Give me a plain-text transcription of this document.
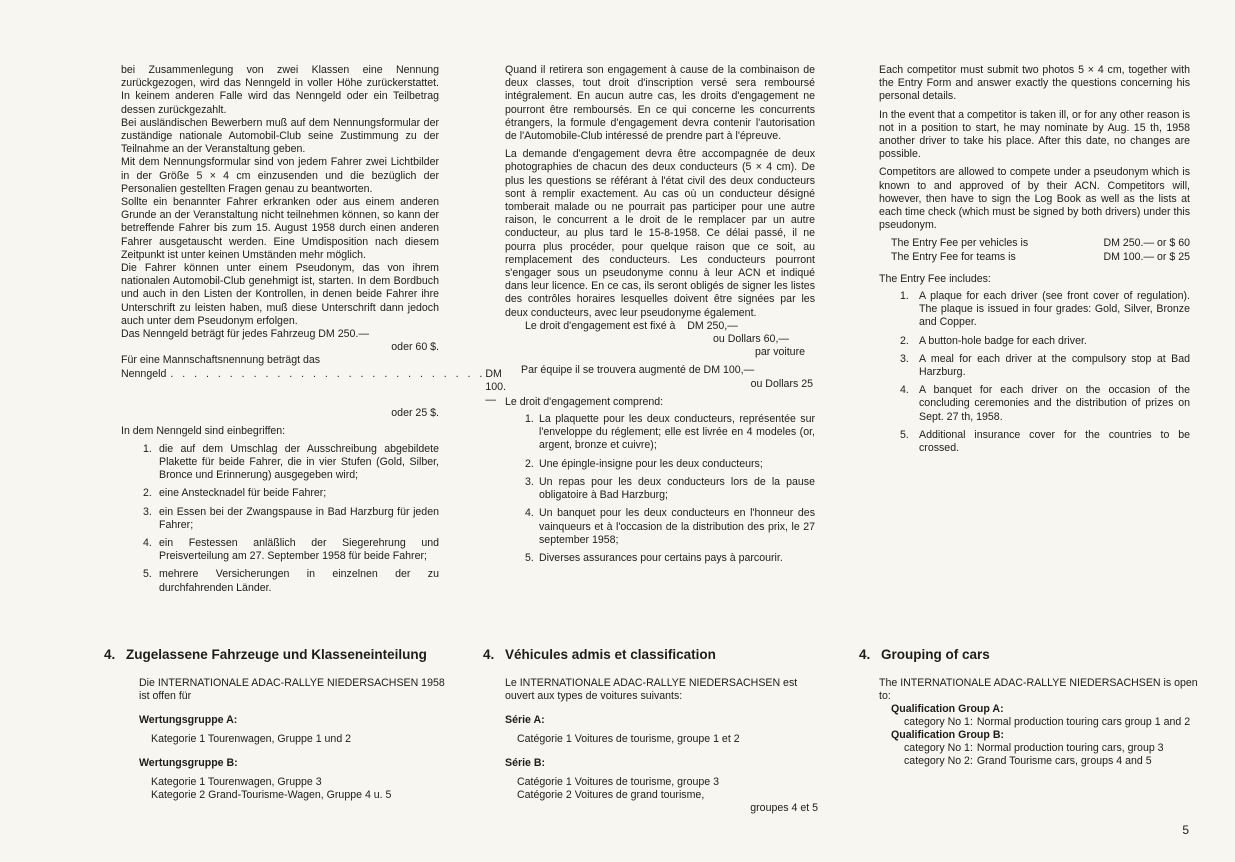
bei Zusammenlegung von zwei Klassen eine Nennung zurückgezogen, wird das Nenngeld in voller Höhe zurückerstattet. In keinem anderen Falle wird das Nenngeld oder ein Teilbetrag dessen zurückgezahlt.

Bei ausländischen Bewerbern muß auf dem Nennungsformular der zuständige nationale Automobil-Club seine Zustimmung zu der Teilnahme an der Veranstaltung geben.

Mit dem Nennungsformular sind von jedem Fahrer zwei Lichtbilder in der Größe 5 × 4 cm einzusenden und die bezüglich der Personalien gestellten Fragen genau zu beantworten.

Sollte ein benannter Fahrer erkranken oder aus einem anderen Grunde an der Veranstaltung nicht teilnehmen können, so kann der betreffende Fahrer bis zum 15. August 1958 durch einen anderen Fahrer ausgetauscht werden. Eine Umdisposition nach diesem Zeitpunkt ist unter keinen Umständen mehr möglich.

Die Fahrer können unter einem Pseudonym, das von ihrem nationalen Automobil-Club genehmigt ist, starten. In dem Bordbuch und auch in den Listen der Kontrollen, in denen beide Fahrer ihre Unterschrift zu leisten haben, muß diese Unterschrift dann jedoch auch unter dem Pseudonym erfolgen.

Das Nenngeld beträgt für jedes Fahrzeug DM 250.—

oder 60 $.

Für eine Mannschaftsnennung beträgt das

Nenngeld . . . . . . . . . . . . . . . . . . . . . . . . . . . DM 100.—

oder 25 $.

In dem Nenngeld sind einbegriffen:

1. die auf dem Umschlag der Ausschreibung abgebildete Plakette für beide Fahrer, die in vier Stufen (Gold, Silber, Bronce und Erinnerung) ausgegeben wird;
2. eine Anstecknadel für beide Fahrer;
3. ein Essen bei der Zwangspause in Bad Harzburg für jeden Fahrer;
4. ein Festessen anläßlich der Siegerehrung und Preisverteilung am 27. September 1958 für beide Fahrer;
5. mehrere Versicherungen in einzelnen der zu durchfahrenden Länder.

Quand il retirera son engagement à cause de la combinaison de deux classes, tout droit d'inscription versé sera remboursé intégralement. En aucun autre cas, les droits d'engagement ne pourront être remboursés. En ce qui concerne les concurrents étrangers, la formule d'engagement devra contenir l'autorisation de l'Automobile-Club intéressé de prendre part à l'épreuve.

La demande d'engagement devra être accompagnée de deux photographies de chacun des deux conducteurs (5 × 4 cm). De plus les questions se référant à l'état civil des deux conducteurs sont à remplir exactement. Au cas où un conducteur désigné tomberait malade ou ne pourrait pas participer pour une autre raison, le concurrent a le droit de le remplacer par un autre conducteur, au plus tard le 15-8-1958. Ce délai passé, il ne pourra plus procéder, pour quelque raison que ce soit, au remplacement des conducteurs. Les conducteurs pourront s'engager sous un pseudonyme connu à leur ACN et indiqué dans leur licence. En ce cas, ils seront obligés de signer les listes des contrôles horaires lesquelles doivent être signées par les deux conducteurs, avec leur pseudonyme également.

Le droit d'engagement est fixé à    DM 250,—

ou Dollars 60,—

par voiture

Par équipe il se trouvera augmenté de DM 100,—

ou Dollars 25

Le droit d'engagement comprend:

1. La plaquette pour les deux conducteurs, représentée sur l'enveloppe du réglement; elle est livrée en 4 modeles (or, argent, bronze et cuivre);
2. Une épingle-insigne pour les deux conducteurs;
3. Un repas pour les deux conducteurs lors de la pause obligatoire à Bad Harzburg;
4. Un banquet pour les deux conducteurs en l'honneur des vainqueurs et à l'occasion de la distribution des prix, le 27 september 1958;
5. Diverses assurances pour certains pays à parcourir.

Each competitor must submit two photos 5 × 4 cm, together with the Entry Form and answer exactly the questions concerning his personal details.

In the event that a competitor is taken ill, or for any other reason is not in a position to start, he may nominate by Aug. 15 th, 1958 another driver to take his place. After this date, no changes are possible.

Competitors are allowed to compete under a pseudonym which is known to and approved of by their ACN. Competitors will, however, then have to sign the Log Book as well as the lists at each time check (which must be signed by both drivers) under this pseudonym.

The Entry Fee per vehicles is	DM 250.— or $ 60
The Entry Fee for teams is	DM 100.— or $ 25

The Entry Fee includes:

1. A plaque for each driver (see front cover of regulation). The plaque is issued in four grades: Gold, Silver, Bronze and Copper.
2. A button-hole badge for each driver.
3. A meal for each driver at the compulsory stop at Bad Harzburg.
4. A banquet for each driver on the occasion of the concluding ceremonies and the distribution of prizes on Sept. 27 th, 1958.
5. Additional insurance cover for the countries to be crossed.
4. Zugelassene Fahrzeuge und Klasseneinteilung

Die INTERNATIONALE ADAC-RALLYE NIEDERSACHSEN 1958 ist offen für

Wertungsgruppe A:

Kategorie 1 Tourenwagen, Gruppe 1 und 2

Wertungsgruppe B:

Kategorie 1 Tourenwagen, Gruppe 3

Kategorie 2 Grand-Tourisme-Wagen, Gruppe 4 u. 5

4. Véhicules admis et classification

Le INTERNATIONALE ADAC-RALLYE NIEDERSACHSEN est ouvert aux types de voitures suivants:

Série A:

Catégorie 1 Voitures de tourisme, groupe 1 et 2

Série B:

Catégorie 1 Voitures de tourisme, groupe 3

Catégorie 2 Voitures de grand tourisme,

groupes 4 et 5

4. Grouping of cars

The INTERNATIONALE ADAC-RALLYE NIEDERSACHSEN is open to:

Qualification Group A:

category No 1: Normal production touring cars group 1 and 2

Qualification Group B:

category No 1: Normal production touring cars, group 3
category No 2: Grand Tourisme cars, groups 4 and 5
5
